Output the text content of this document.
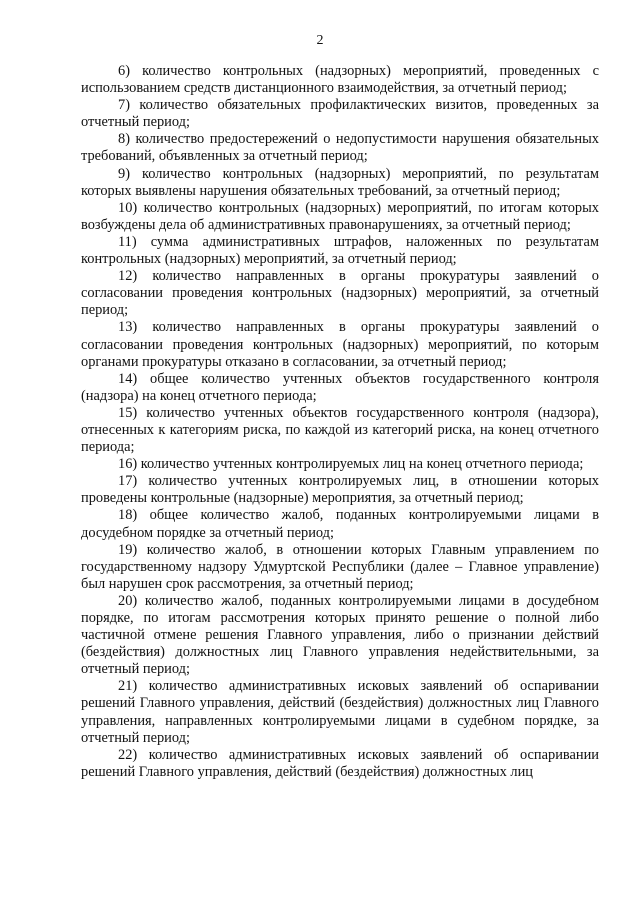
2

6) количество контрольных (надзорных) мероприятий, проведенных с использованием средств дистанционного взаимодействия, за отчетный период;

7) количество обязательных профилактических визитов, проведенных за отчетный период;

8) количество предостережений о недопустимости нарушения обязательных требований, объявленных за отчетный период;

9) количество контрольных (надзорных) мероприятий, по результатам которых выявлены нарушения обязательных требований, за отчетный период;

10) количество контрольных (надзорных) мероприятий, по итогам которых возбуждены дела об административных правонарушениях, за отчетный период;

11) сумма административных штрафов, наложенных по результатам контрольных (надзорных) мероприятий, за отчетный период;

12) количество направленных в органы прокуратуры заявлений о согласовании проведения контрольных (надзорных) мероприятий, за отчетный период;

13) количество направленных в органы прокуратуры заявлений о согласовании проведения контрольных (надзорных) мероприятий, по которым органами прокуратуры отказано в согласовании, за отчетный период;

14) общее количество учтенных объектов государственного контроля (надзора) на конец отчетного периода;

15) количество учтенных объектов государственного контроля (надзора), отнесенных к категориям риска, по каждой из категорий риска, на конец отчетного периода;

16) количество учтенных контролируемых лиц на конец отчетного периода;

17) количество учтенных контролируемых лиц, в отношении которых проведены контрольные (надзорные) мероприятия, за отчетный период;

18) общее количество жалоб, поданных контролируемыми лицами в досудебном порядке за отчетный период;

19) количество жалоб, в отношении которых Главным управлением по государственному надзору Удмуртской Республики (далее – Главное управление) был нарушен срок рассмотрения, за отчетный период;

20) количество жалоб, поданных контролируемыми лицами в досудебном порядке, по итогам рассмотрения которых принято решение о полной либо частичной отмене решения Главного управления, либо о признании действий (бездействия) должностных лиц Главного управления недействительными, за отчетный период;

21) количество административных исковых заявлений об оспаривании решений Главного управления, действий (бездействия) должностных лиц Главного управления, направленных контролируемыми лицами в судебном порядке, за отчетный период;

22) количество административных исковых заявлений об оспаривании решений Главного управления, действий (бездействия) должностных лиц
